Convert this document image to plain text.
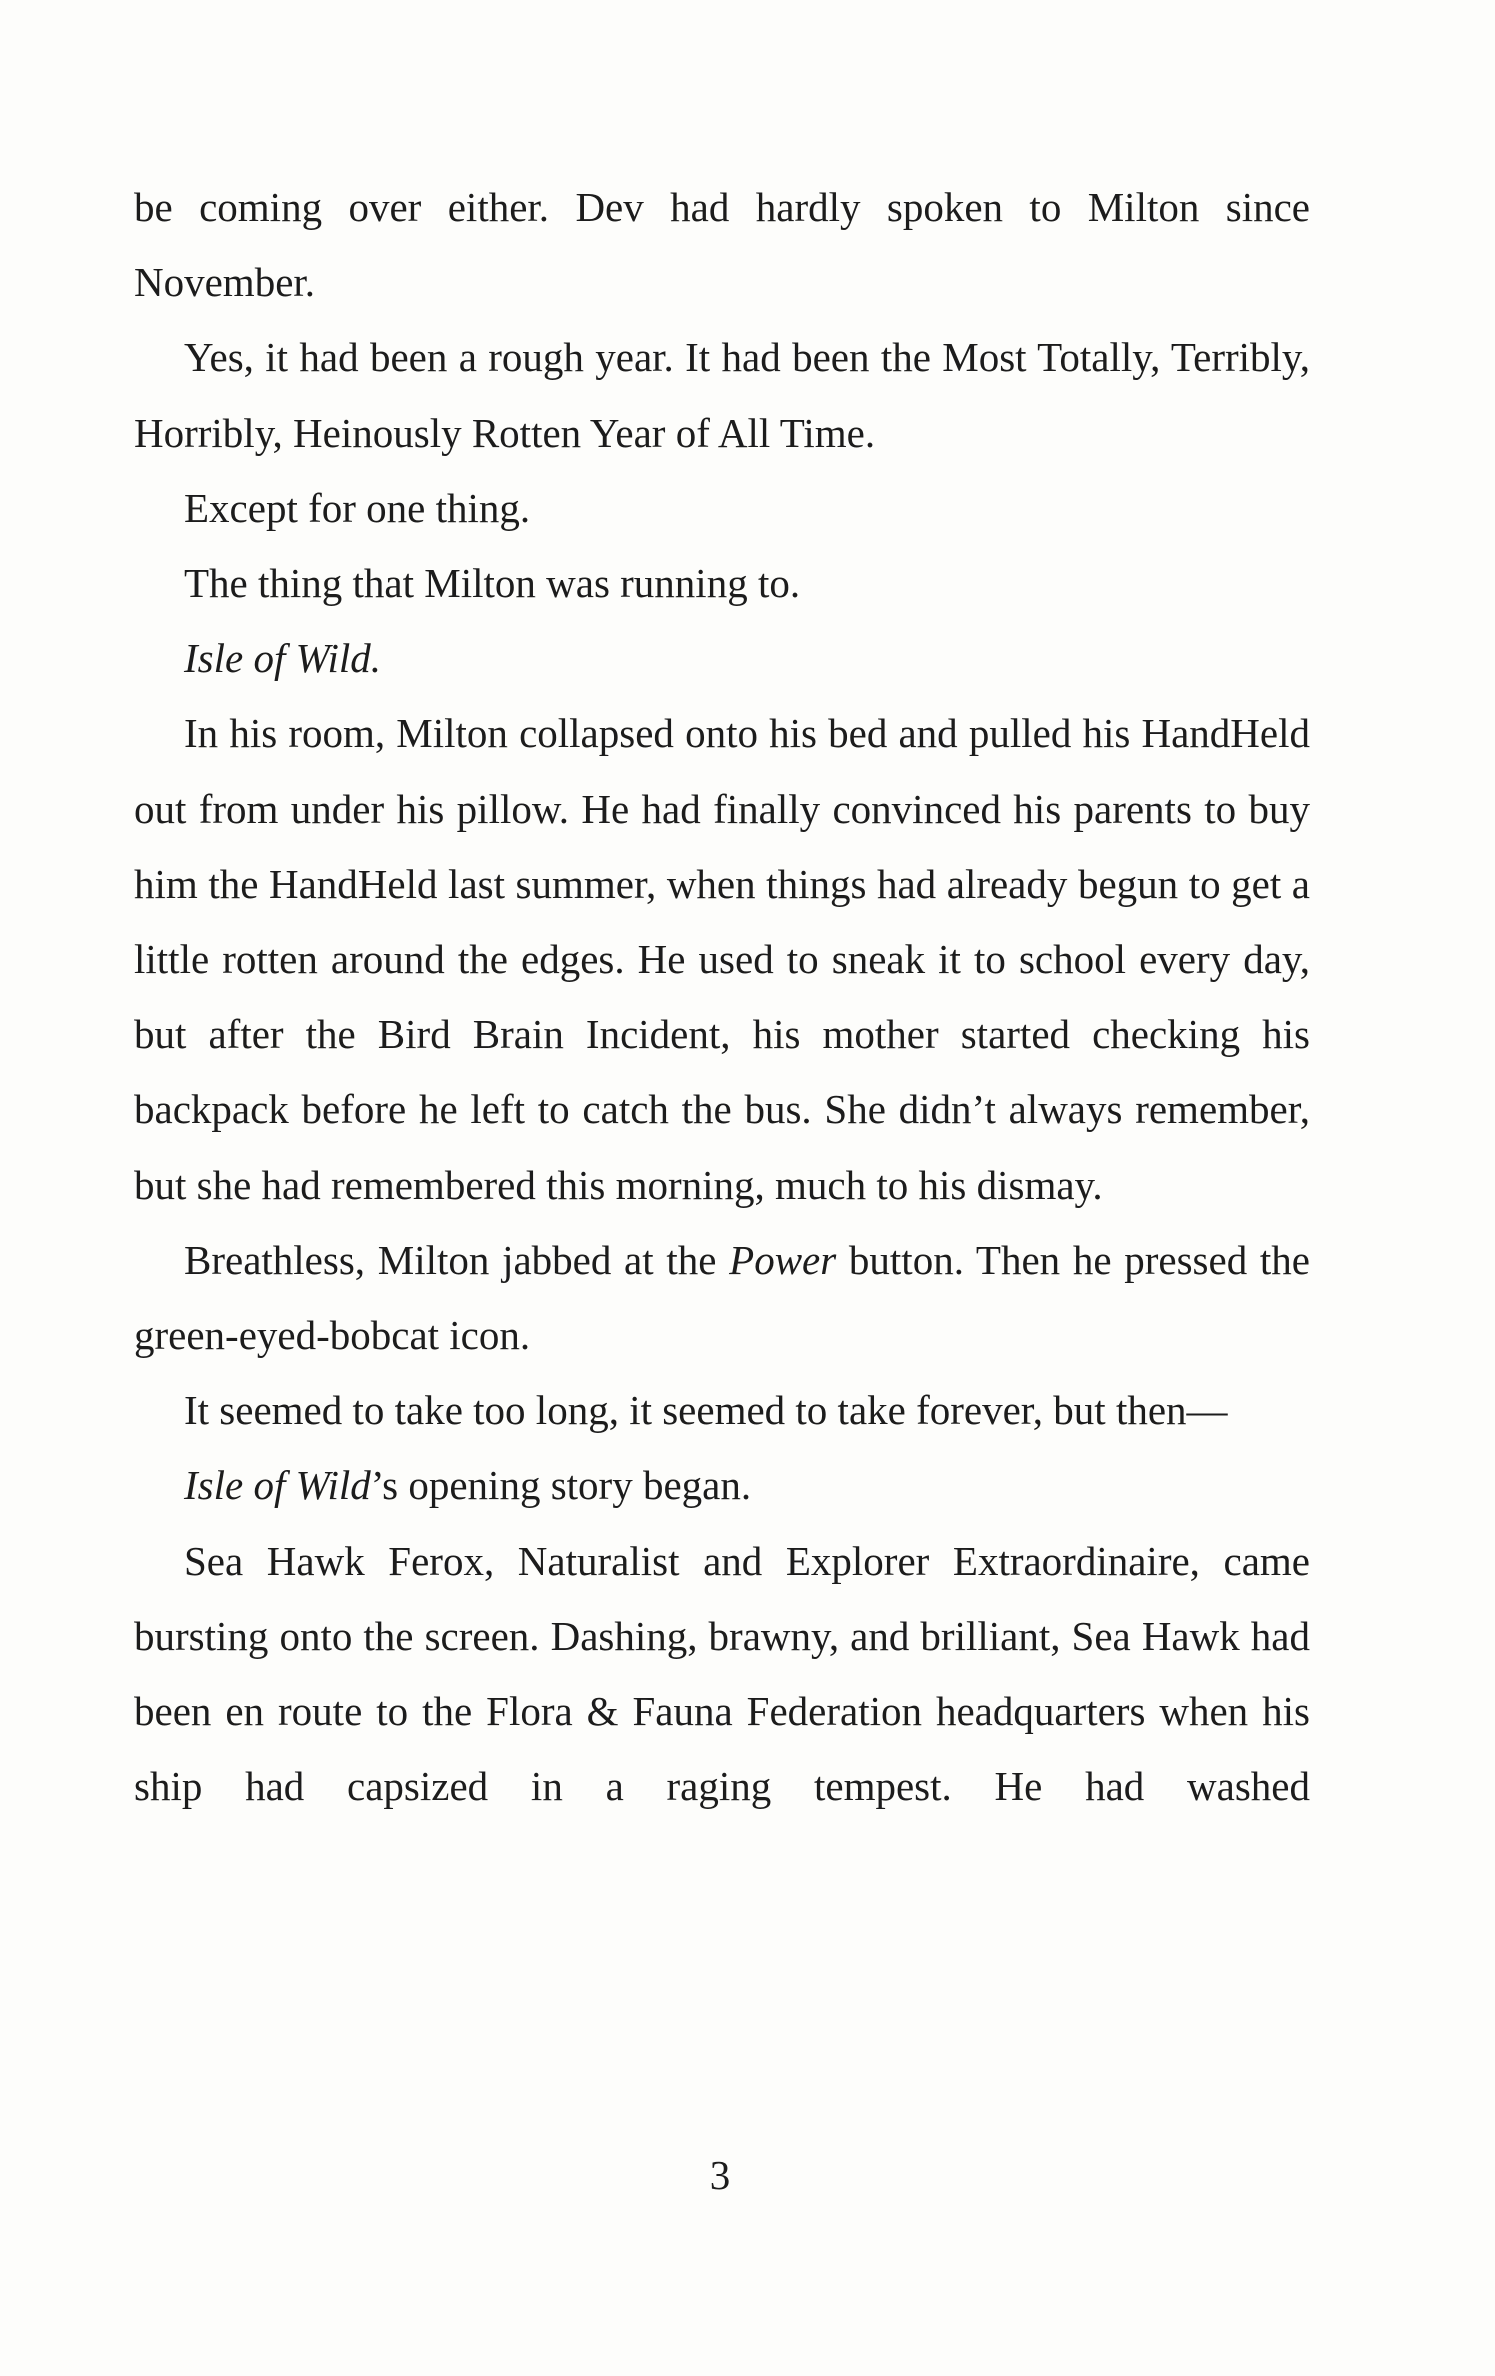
be coming over either. Dev had hardly spoken to Milton since November.

Yes, it had been a rough year. It had been the Most Totally, Terribly, Horribly, Heinously Rotten Year of All Time.

Except for one thing.

The thing that Milton was running to.

Isle of Wild.

In his room, Milton collapsed onto his bed and pulled his HandHeld out from under his pillow. He had finally convinced his parents to buy him the HandHeld last summer, when things had already begun to get a little rotten around the edges. He used to sneak it to school every day, but after the Bird Brain Incident, his mother started checking his backpack before he left to catch the bus. She didn’t always remember, but she had remembered this morning, much to his dismay.

Breathless, Milton jabbed at the Power button. Then he pressed the green-eyed-bobcat icon.

It seemed to take too long, it seemed to take forever, but then—

Isle of Wild’s opening story began.

Sea Hawk Ferox, Naturalist and Explorer Extraordinaire, came bursting onto the screen. Dashing, brawny, and brilliant, Sea Hawk had been en route to the Flora & Fauna Federation headquarters when his ship had capsized in a raging tempest. He had washed

3
